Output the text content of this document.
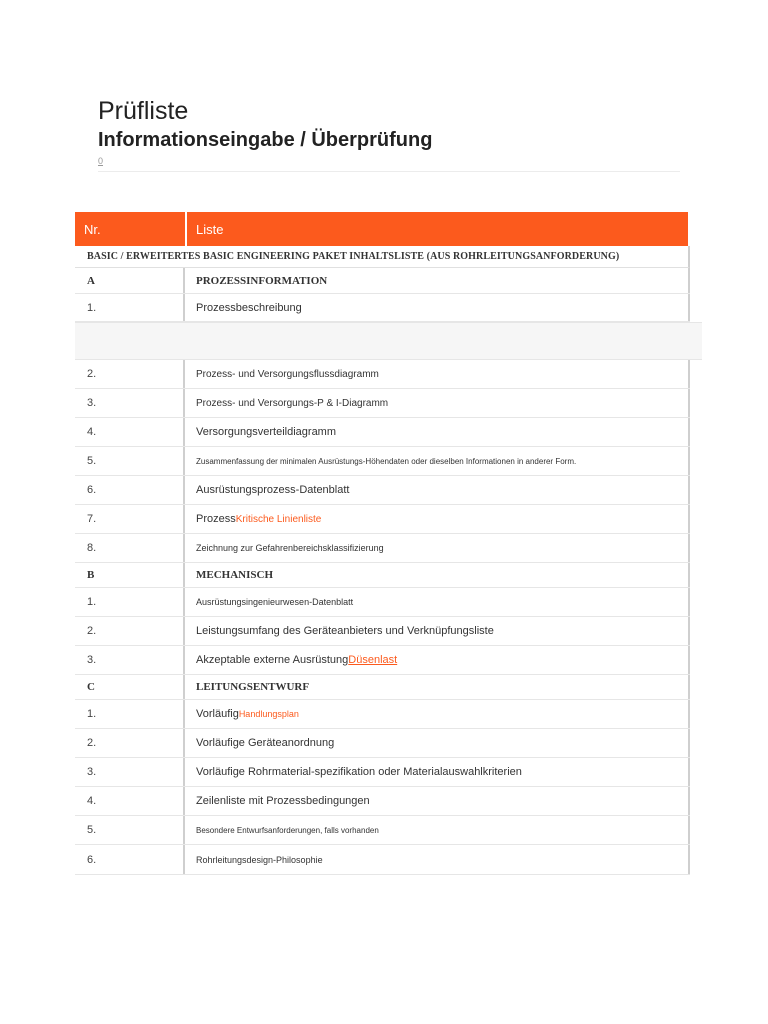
Prüfliste
Informationseingabe / Überprüfung
0
Nr.	Liste
BASIC / ERWEITERTES BASIC ENGINEERING PAKET INHALTSLISTE (AUS ROHRLEITUNGSANFORDERUNG)
A	PROZESSINFORMATION
1.	Prozessbeschreibung
2.	Prozess- und Versorgungsflussdiagramm
3.	Prozess- und Versorgungs-P & I-Diagramm
4.	Versorgungsverteildiagramm
5.	Zusammenfassung der minimalen Ausrüstungs-Höhendaten oder dieselben Informationen in anderer Form.
6.	Ausrüstungsprozess-Datenblatt
7.	Prozess Kritische Linienliste
8.	Zeichnung zur Gefahrenbereichsklassifizierung
B	MECHANISCH
1.	Ausrüstungsingenieurwesen-Datenblatt
2.	Leistungsumfang des Geräteanbieters und Verknüpfungsliste
3.	Akzeptable externe Ausrüstung Düsenlast
C	LEITUNGSENTWURF
1.	Vorläufig Handlungsplan
2.	Vorläufige Geräteanordnung
3.	Vorläufige Rohrmaterial-spezifikation oder Materialauswahlkriterien
4.	Zeilenliste mit Prozessbedingungen
5.	Besondere Entwurfsanforderungen, falls vorhanden
6.	Rohrleitungsdesign-Philosophie
